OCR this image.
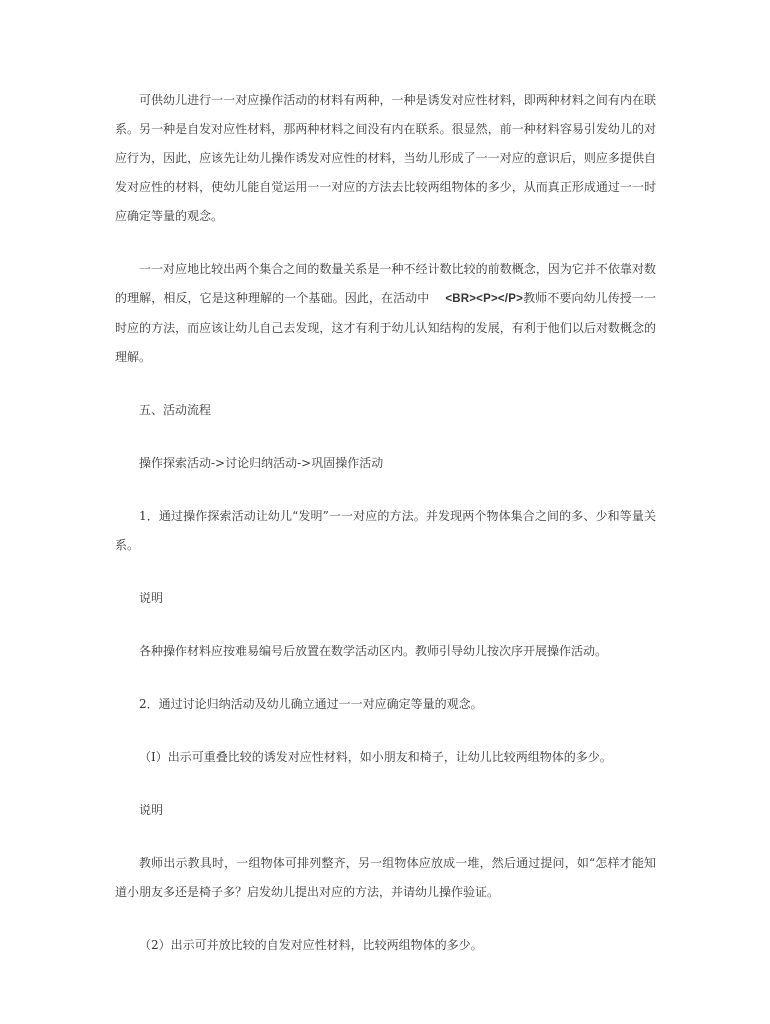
可供幼儿进行一一对应操作活动的材料有两种，一种是诱发对应性材料，即两种材料之间有内在联系。另一种是自发对应性材料，那两种材料之间没有内在联系。很显然，前一种材料容易引发幼儿的对应行为，因此，应该先让幼儿操作诱发对应性的材料，当幼儿形成了一一对应的意识后，则应多提供自发对应性的材料，使幼儿能自觉运用一一对应的方法去比较两组物体的多少，从而真正形成通过一一时应确定等量的观念。

一一对应地比较出两个集合之间的数量关系是一种不经计数比较的前数概念，因为它并不依靠对数的理解，相反，它是这种理解的一个基础。因此，在活动中　 <BR><P></P>教师不要向幼儿传授一一时应的方法，而应该让幼儿自己去发现，这才有利于幼儿认知结构的发展，有利于他们以后对数概念的理解。

五、活动流程

操作探索活动->讨论归纳活动->巩固操作活动

1．通过操作探索活动让幼儿“发明”一一对应的方法。并发现两个物体集合之间的多、少和等量关系。

说明

各种操作材料应按难易编号后放置在数学活动区内。教师引导幼儿按次序开展操作活动。

2．通过讨论归纳活动及幼儿确立通过一一对应确定等量的观念。

（I）出示可重叠比较的诱发对应性材料，如小朋友和椅子，让幼儿比较两组物体的多少。

说明

教师出示教具时，一组物体可排列整齐，另一组物体应放成一堆，然后通过提问，如“怎样才能知道小朋友多还是椅子多？启发幼儿提出对应的方法，并请幼儿操作验证。

（2）出示可并放比较的自发对应性材料，比较两组物体的多少。
